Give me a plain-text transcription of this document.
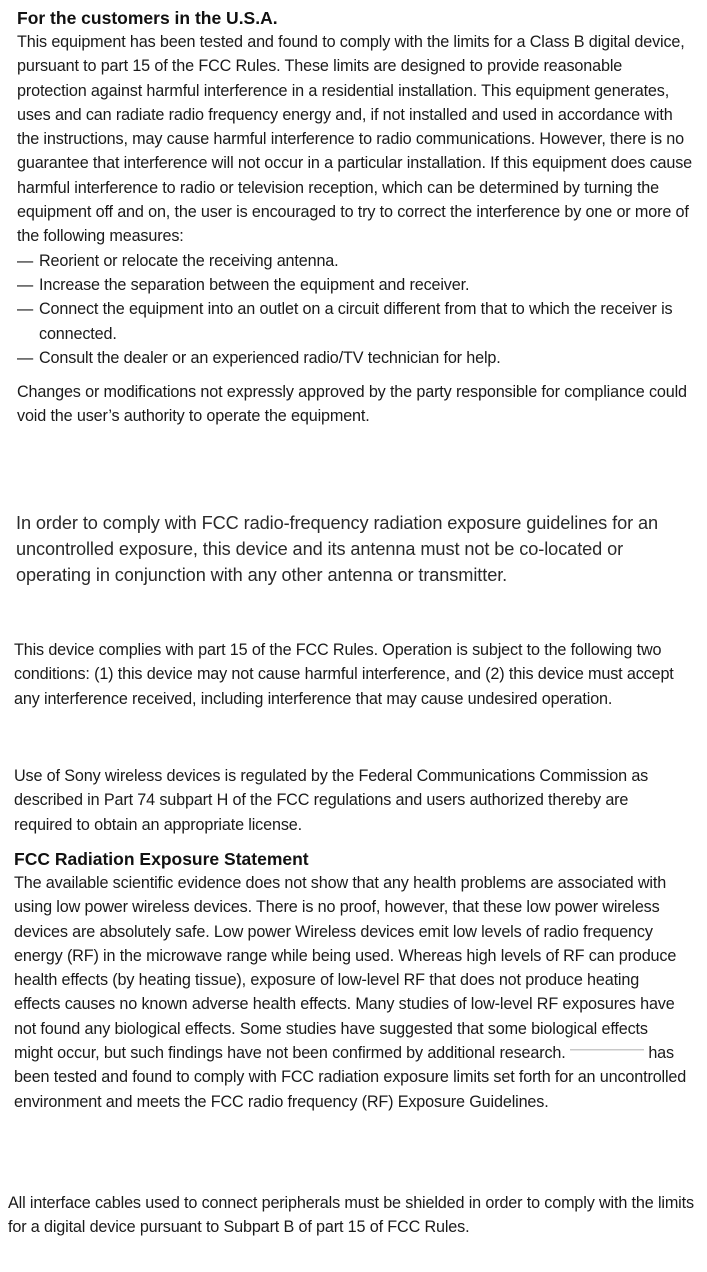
For the customers in the U.S.A.

This equipment has been tested and found to comply with the limits for a Class B digital device, pursuant to part 15 of the FCC Rules. These limits are designed to provide reasonable protection against harmful interference in a residential installation. This equipment generates, uses and can radiate radio frequency energy and, if not installed and used in accordance with the instructions, may cause harmful interference to radio communications. However, there is no guarantee that interference will not occur in a particular installation. If this equipment does cause harmful interference to radio or television reception, which can be determined by turning the equipment off and on, the user is encouraged to try to correct the interference by one or more of the following measures:

— Reorient or relocate the receiving antenna.
— Increase the separation between the equipment and receiver.
— Connect the equipment into an outlet on a circuit different from that to which the receiver is connected.
— Consult the dealer or an experienced radio/TV technician for help.

Changes or modifications not expressly approved by the party responsible for compliance could void the user’s authority to operate the equipment.

In order to comply with FCC radio-frequency radiation exposure guidelines for an uncontrolled exposure, this device and its antenna must not be co-located or operating in conjunction with any other antenna or transmitter.

This device complies with part 15 of the FCC Rules. Operation is subject to the following two conditions: (1) this device may not cause harmful interference, and (2) this device must accept any interference received, including interference that may cause undesired operation.

Use of Sony wireless devices is regulated by the Federal Communications Commission as described in Part 74 subpart H of the FCC regulations and users authorized thereby are required to obtain an appropriate license.

FCC Radiation Exposure Statement

The available scientific evidence does not show that any health problems are associated with using low power wireless devices. There is no proof, however, that these low power wireless devices are absolutely safe. Low power Wireless devices emit low levels of radio frequency energy (RF) in the microwave range while being used. Whereas high levels of RF can produce health effects (by heating tissue), exposure of low-level RF that does not produce heating effects causes no known adverse health effects. Many studies of low-level RF exposures have not found any biological effects. Some studies have suggested that some biological effects might occur, but such findings have not been confirmed by additional research.	has been tested and found to comply with FCC radiation exposure limits set forth for an uncontrolled environment and meets the FCC radio frequency (RF) Exposure Guidelines.

All interface cables used to connect peripherals must be shielded in order to comply with the limits for a digital device pursuant to Subpart B of part 15 of FCC Rules.
